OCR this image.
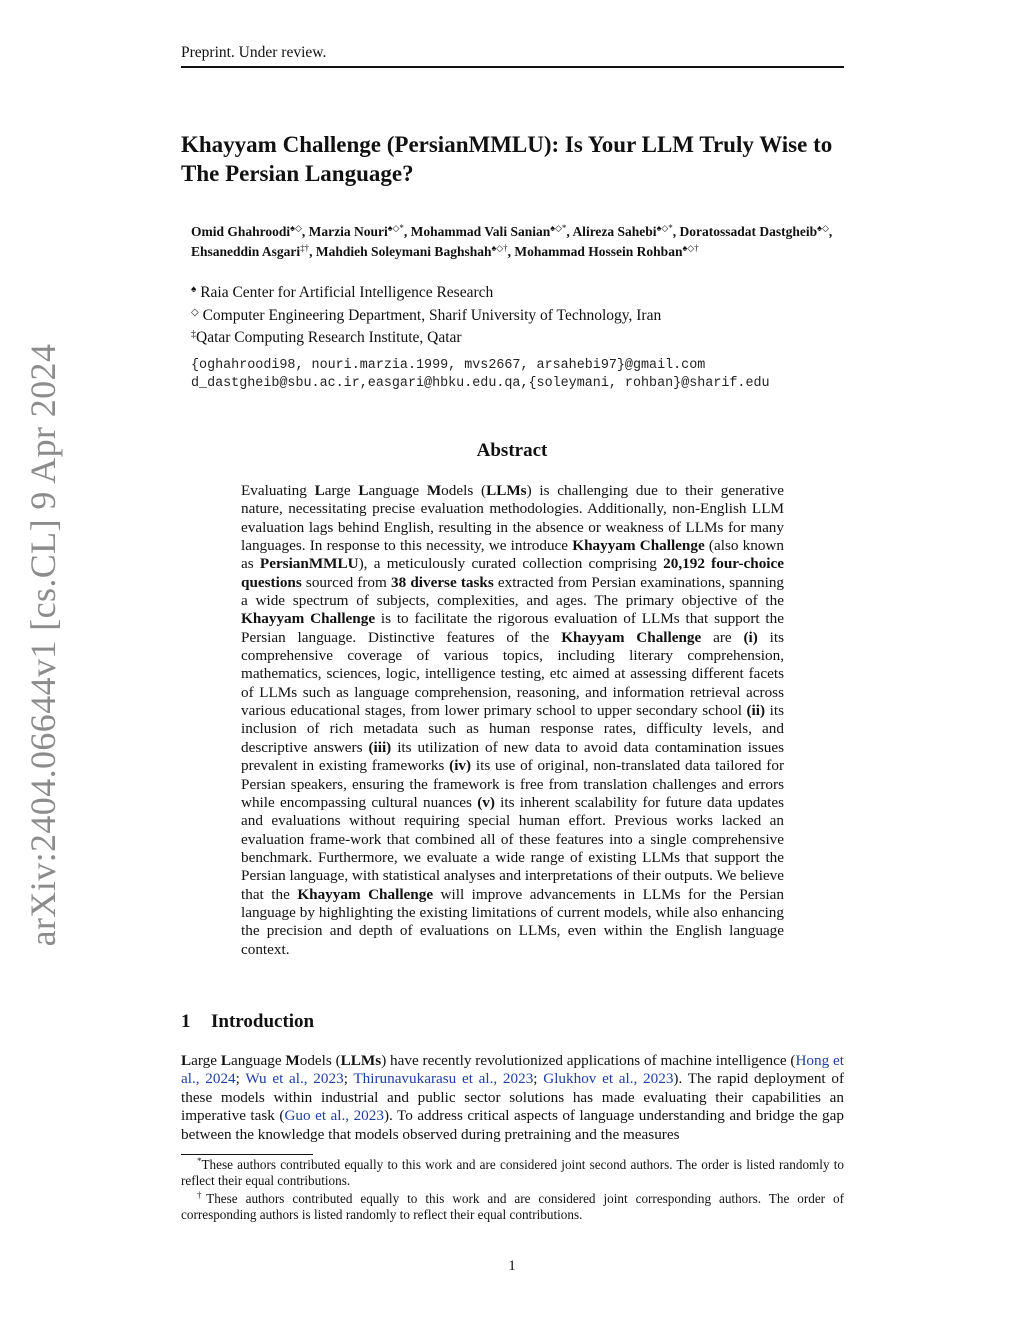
Preprint. Under review.
Khayyam Challenge (PersianMMLU): Is Your LLM Truly Wise to The Persian Language?
Omid Ghahroodi♠◇, Marzia Nouri♠◇*, Mohammad Vali Sanian♠◇*, Alireza Sahebi♠◇*, Doratossadat Dastgheib♠◇,
Ehsaneddin Asgari‡†, Mahdieh Soleymani Baghshah♠◇†, Mohammad Hossein Rohban♠◇†
♠ Raia Center for Artificial Intelligence Research
◇ Computer Engineering Department, Sharif University of Technology, Iran
‡Qatar Computing Research Institute, Qatar
{oghahroodi98, nouri.marzia.1999, mvs2667, arsahebi97}@gmail.com
d_dastgheib@sbu.ac.ir,easgari@hbku.edu.qa,{soleymani, rohban}@sharif.edu
Abstract
Evaluating Large Language Models (LLMs) is challenging due to their generative nature, necessitating precise evaluation methodologies. Additionally, non-English LLM evaluation lags behind English, resulting in the absence or weakness of LLMs for many languages. In response to this necessity, we introduce Khayyam Challenge (also known as PersianMMLU), a meticulously curated collection comprising 20,192 four-choice questions sourced from 38 diverse tasks extracted from Persian examinations, spanning a wide spectrum of subjects, complexities, and ages. The primary objective of the Khayyam Challenge is to facilitate the rigorous evaluation of LLMs that support the Persian language. Distinctive features of the Khayyam Challenge are (i) its comprehensive coverage of various topics, including literary comprehension, mathematics, sciences, logic, intelligence testing, etc aimed at assessing different facets of LLMs such as language comprehension, reasoning, and information retrieval across various educational stages, from lower primary school to upper secondary school (ii) its inclusion of rich metadata such as human response rates, difficulty levels, and descriptive answers (iii) its utilization of new data to avoid data contamination issues prevalent in existing frameworks (iv) its use of original, non-translated data tailored for Persian speakers, ensuring the framework is free from translation challenges and errors while encompassing cultural nuances (v) its inherent scalability for future data updates and evaluations without requiring special human effort. Previous works lacked an evaluation frame-work that combined all of these features into a single comprehensive benchmark. Furthermore, we evaluate a wide range of existing LLMs that support the Persian language, with statistical analyses and interpretations of their outputs. We believe that the Khayyam Challenge will improve advancements in LLMs for the Persian language by highlighting the existing limitations of current models, while also enhancing the precision and depth of evaluations on LLMs, even within the English language context.
1 Introduction
Large Language Models (LLMs) have recently revolutionized applications of machine intelligence (Hong et al., 2024; Wu et al., 2023; Thirunavukarasu et al., 2023; Glukhov et al., 2023). The rapid deployment of these models within industrial and public sector solutions has made evaluating their capabilities an imperative task (Guo et al., 2023). To address critical aspects of language understanding and bridge the gap between the knowledge that models observed during pretraining and the measures

*These authors contributed equally to this work and are considered joint second authors. The order is listed randomly to reflect their equal contributions.

†These authors contributed equally to this work and are considered joint corresponding authors. The order of corresponding authors is listed randomly to reflect their equal contributions.

1
arXiv:2404.06644v1 [cs.CL] 9 Apr 2024
